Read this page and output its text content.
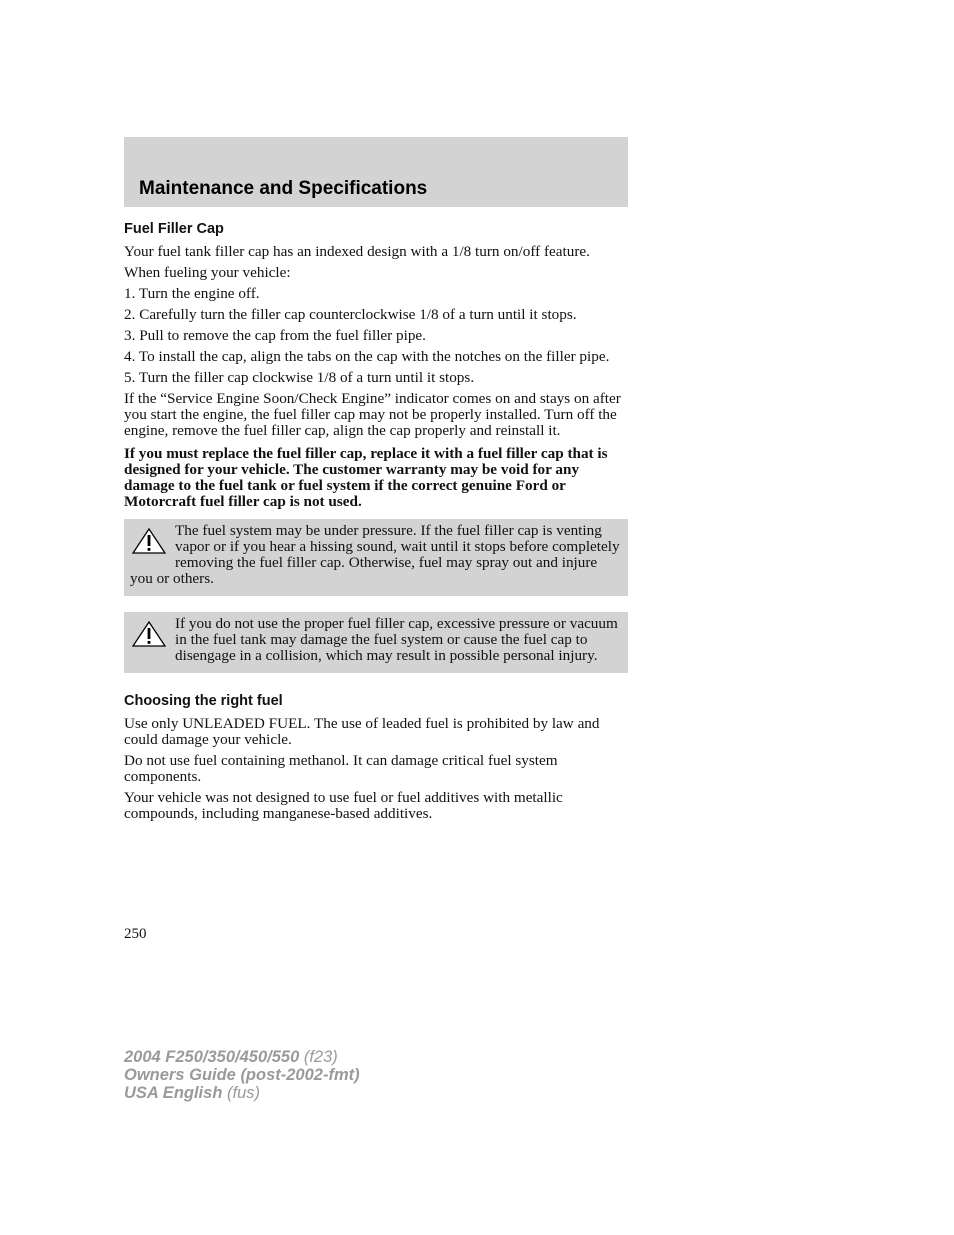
Maintenance and Specifications
Fuel Filler Cap

Your fuel tank filler cap has an indexed design with a 1/8 turn on/off feature.

When fueling your vehicle:

1. Turn the engine off.

2. Carefully turn the filler cap counterclockwise 1/8 of a turn until it stops.

3. Pull to remove the cap from the fuel filler pipe.

4. To install the cap, align the tabs on the cap with the notches on the filler pipe.

5. Turn the filler cap clockwise 1/8 of a turn until it stops.

If the “Service Engine Soon/Check Engine” indicator comes on and stays on after you start the engine, the fuel filler cap may not be properly installed. Turn off the engine, remove the fuel filler cap, align the cap properly and reinstall it.

If you must replace the fuel filler cap, replace it with a fuel filler cap that is designed for your vehicle. The customer warranty may be void for any damage to the fuel tank or fuel system if the correct genuine Ford or Motorcraft fuel filler cap is not used.

The fuel system may be under pressure. If the fuel filler cap is venting vapor or if you hear a hissing sound, wait until it stops before completely removing the fuel filler cap. Otherwise, fuel may spray out and injure you or others.

If you do not use the proper fuel filler cap, excessive pressure or vacuum in the fuel tank may damage the fuel system or cause the fuel cap to disengage in a collision, which may result in possible personal injury.

Choosing the right fuel

Use only UNLEADED FUEL. The use of leaded fuel is prohibited by law and could damage your vehicle.

Do not use fuel containing methanol. It can damage critical fuel system components.

Your vehicle was not designed to use fuel or fuel additives with metallic compounds, including manganese-based additives.

250
2004 F250/350/450/550 (f23)
Owners Guide (post-2002-fmt)
USA English (fus)
